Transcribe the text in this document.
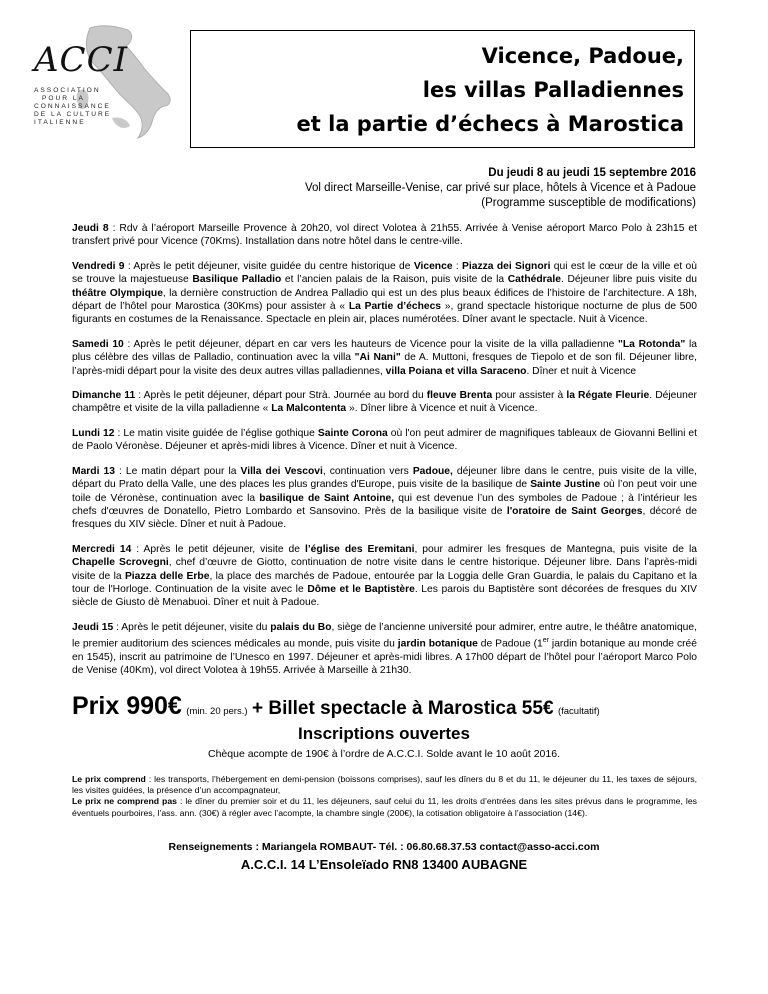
ACCI
ASSOCIATION
POUR LA
CONNAISSANCE
DE LA CULTURE
ITALIENNE
Vicence, Padoue,
les villas Palladiennes
et la partie d’échecs à Marostica
Du jeudi 8 au jeudi 15 septembre 2016
Vol direct Marseille-Venise, car privé sur place, hôtels à Vicence et à Padoue
(Programme susceptible de modifications)

Jeudi 8 : Rdv à l’aéroport Marseille Provence à 20h20, vol direct Volotea à 21h55. Arrivée à Venise aéroport Marco Polo à 23h15 et transfert privé pour Vicence (70Kms). Installation dans notre hôtel dans le centre-ville.

Vendredi 9 : Après le petit déjeuner, visite guidée du centre historique de Vicence : Piazza dei Signori qui est le cœur de la ville et où se trouve la majestueuse Basilique Palladio et l’ancien palais de la Raison, puis visite de la Cathédrale. Déjeuner libre puis visite du théâtre Olympique, la dernière construction de Andrea Palladio qui est un des plus beaux édifices de l’histoire de l’architecture. A 18h, départ de l’hôtel pour Marostica (30Kms) pour assister à « La Partie d’échecs », grand spectacle historique nocturne de plus de 500 figurants en costumes de la Renaissance. Spectacle en plein air, places numérotées. Dîner avant le spectacle. Nuit à Vicence.

Samedi 10 : Après le petit déjeuner, départ en car vers les hauteurs de Vicence pour la visite de la villa palladienne "La Rotonda" la plus célèbre des villas de Palladio, continuation avec la villa "Ai Nani" de A. Muttoni, fresques de Tiepolo et de son fil. Déjeuner libre, l’après-midi départ pour la visite des deux autres villas palladiennes, villa Poiana et villa Saraceno. Dîner et nuit à Vicence

Dimanche 11 : Après le petit déjeuner, départ pour Strà. Journée au bord du fleuve Brenta pour assister à la Régate Fleurie. Déjeuner champêtre et visite de la villa palladienne « La Malcontenta ». Dîner libre à Vicence et nuit à Vicence.

Lundi 12 : Le matin visite guidée de l’église gothique Sainte Corona où l'on peut admirer de magnifiques tableaux de Giovanni Bellini et de Paolo Véronèse. Déjeuner et après-midi libres à Vicence. Dîner et nuit à Vicence.

Mardi 13 : Le matin départ pour la Villa dei Vescovi, continuation vers Padoue, déjeuner libre dans le centre, puis visite de la ville, départ du Prato della Valle, une des places les plus grandes d'Europe, puis visite de la basilique de Sainte Justine où l’on peut voir une toile de Véronèse, continuation avec la basilique de Saint Antoine, qui est devenue l’un des symboles de Padoue ; à l’intérieur les chefs d'œuvres de Donatello, Pietro Lombardo et Sansovino. Près de la basilique visite de l'oratoire de Saint Georges, décoré de fresques du XIV siècle. Dîner et nuit à Padoue.

Mercredi 14 : Après le petit déjeuner, visite de l’église des Eremitani, pour admirer les fresques de Mantegna, puis visite de la Chapelle Scrovegni, chef d’œuvre de Giotto, continuation de notre visite dans le centre historique. Déjeuner libre. Dans l’après-midi visite de la Piazza delle Erbe, la place des marchés de Padoue, entourée par la Loggia delle Gran Guardia, le palais du Capitano et la tour de l'Horloge. Continuation de la visite avec le Dôme et le Baptistère. Les parois du Baptistère sont décorées de fresques du XIV siècle de Giusto dè Menabuoi. Dîner et nuit à Padoue.

Jeudi 15 : Après le petit déjeuner, visite du palais du Bo, siège de l’ancienne université pour admirer, entre autre, le théâtre anatomique, le premier auditorium des sciences médicales au monde, puis visite du jardin botanique de Padoue (1er jardin botanique au monde créé en 1545), inscrit au patrimoine de l’Unesco en 1997. Déjeuner et après-midi libres. A 17h00 départ de l’hôtel pour l’aéroport Marco Polo de Venise (40Km), vol direct Volotea à 19h55. Arrivée à Marseille à 21h30.

Prix 990€ (min. 20 pers.) + Billet spectacle à Marostica 55€ (facultatif)
Inscriptions ouvertes
Chèque acompte de 190€ à l’ordre de A.C.C.I. Solde avant le 10 août 2016.
Le prix comprend : les transports, l’hébergement en demi-pension (boissons comprises), sauf les dîners du 8 et du 11, le déjeuner du 11, les taxes de séjours, les visites guidées, la présence d’un accompagnateur,
Le prix ne comprend pas : le dîner du premier soir et du 11, les déjeuners, sauf celui du 11, les droits d’entrées dans les sites prévus dans le programme, les éventuels pourboires, l’ass. ann. (30€) à régler avec l’acompte, la chambre single (200€), la cotisation obligatoire à l’association (14€).
Renseignements : Mariangela ROMBAUT- Tél. : 06.80.68.37.53 contact@asso-acci.com
A.C.C.I. 14 L’Ensoleïado RN8 13400 AUBAGNE
